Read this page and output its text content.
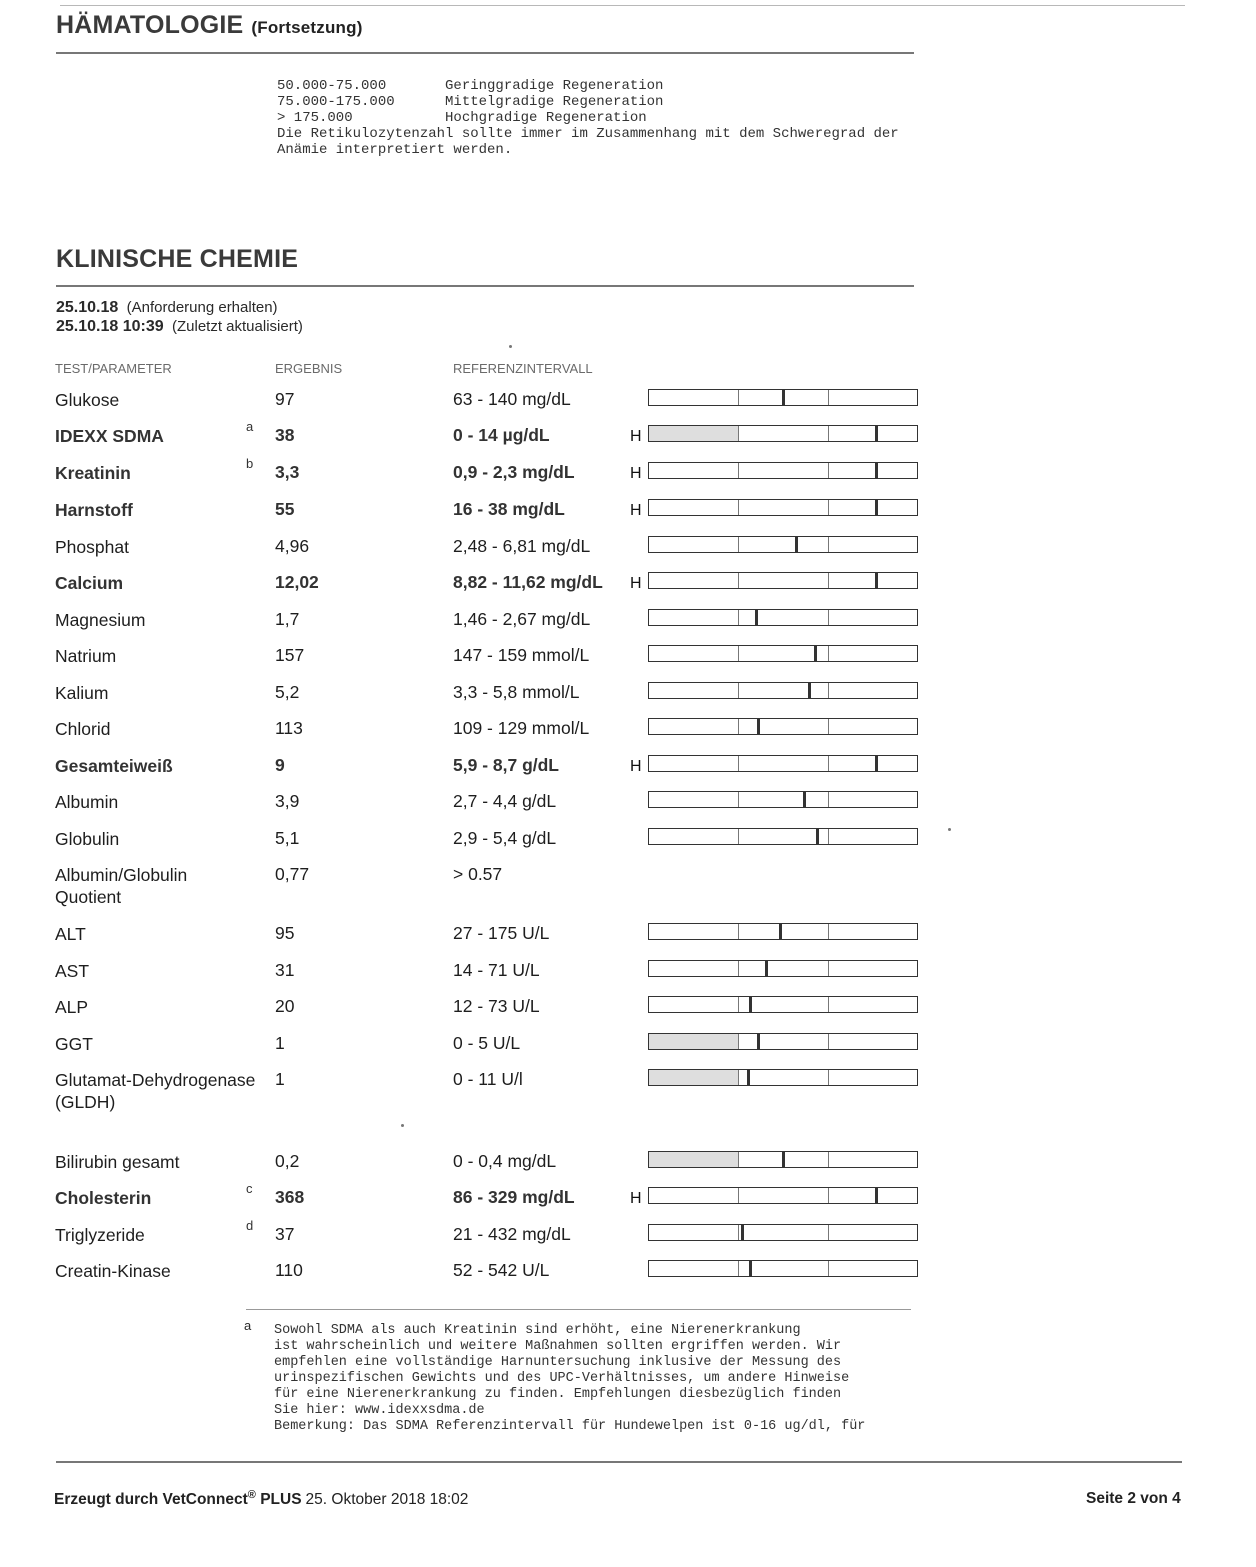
HÄMATOLOGIE (Fortsetzung)
50.000-75.000       Geringgradige Regeneration
75.000-175.000      Mittelgradige Regeneration
> 175.000           Hochgradige Regeneration
Die Retikulozytenzahl sollte immer im Zusammenhang mit dem Schweregrad der
Anämie interpretiert werden.
KLINISCHE CHEMIE
25.10.18 (Anforderung erhalten)
25.10.18 10:39 (Zuletzt aktualisiert)
TEST/PARAMETER	ERGEBNIS	REFERENZINTERVALL
Glukose	97	63 - 140 mg/dL
IDEXX SDMA	a 38	0 - 14 µg/dL	H
Kreatinin	b 3,3	0,9 - 2,3 mg/dL	H
Harnstoff	55	16 - 38 mg/dL	H
Phosphat	4,96	2,48 - 6,81 mg/dL
Calcium	12,02	8,82 - 11,62 mg/dL H
Magnesium	1,7	1,46 - 2,67 mg/dL
Natrium	157	147 - 159 mmol/L
Kalium	5,2	3,3 - 5,8 mmol/L
Chlorid	113	109 - 129 mmol/L
Gesamteiweiß	9	5,9 - 8,7 g/dL	H
Albumin	3,9	2,7 - 4,4 g/dL
Globulin	5,1	2,9 - 5,4 g/dL
Albumin/Globulin
Quotient
0,77	> 0.57
ALT	95	27 - 175 U/L
AST	31	14 - 71 U/L
ALP	20	12 - 73 U/L
GGT	1	0 - 5 U/L
Glutamat-Dehydrogenase
(GLDH)
1	0 - 11 U/l
Bilirubin gesamt	0,2	0 - 0,4 mg/dL
Cholesterin	c 368	86 - 329 mg/dL	H
Triglyzeride	d 37	21 - 432 mg/dL
Creatin-Kinase	110	52 - 542 U/L
a Sowohl SDMA als auch Kreatinin sind erhöht, eine Nierenerkrankung
ist wahrscheinlich und weitere Maßnahmen sollten ergriffen werden. Wir
empfehlen eine vollständige Harnuntersuchung inklusive der Messung des
urinspezifischen Gewichts und des UPC-Verhältnisses, um andere Hinweise
für eine Nierenerkrankung zu finden. Empfehlungen diesbezüglich finden
Sie hier: www.idexxsdma.de
Bemerkung: Das SDMA Referenzintervall für Hundewelpen ist 0-16 ug/dl, für
Erzeugt durch VetConnect® PLUS 25. Oktober 2018 18:02	Seite 2 von 4
